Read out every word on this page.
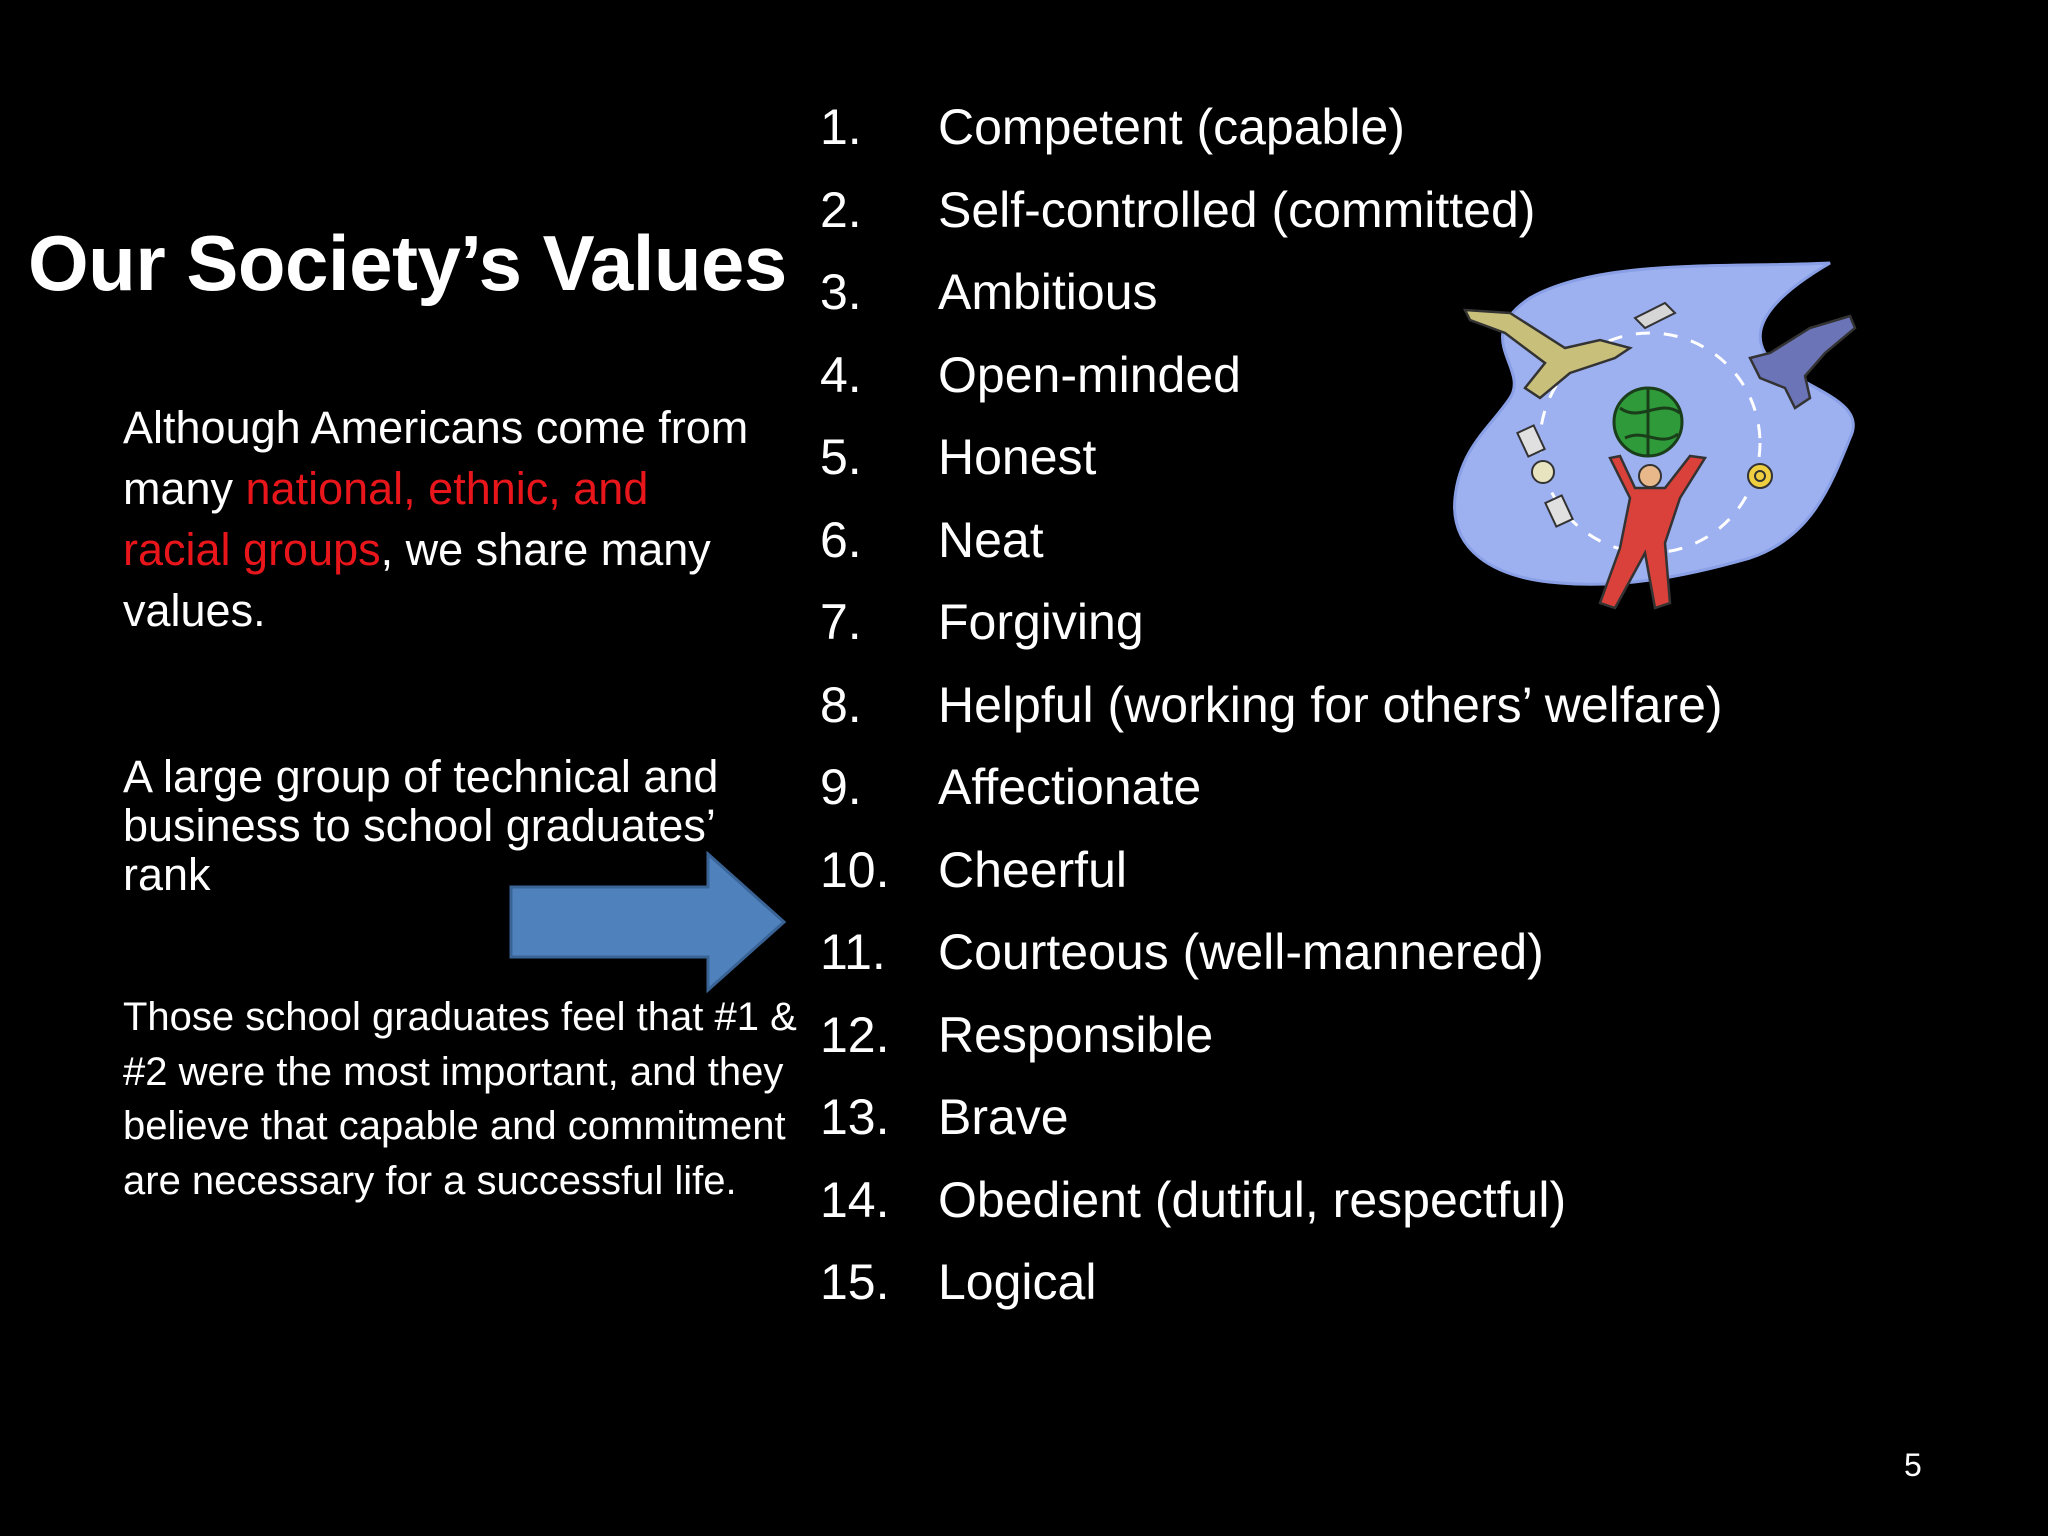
Our Society’s Values
Although Americans come from many national, ethnic, and racial groups, we share many values.
A large group of technical and business to school graduates’ rank
Those school graduates feel that #1 & #2 were the most important, and they believe that capable and commitment are necessary for a successful life.
1.	Competent (capable)
2.	Self-controlled (committed)
3.	Ambitious
4.	Open-minded
5.	Honest
6.	Neat
7.	Forgiving
8.	Helpful (working for others’ welfare)
9.	Affectionate
10. Cheerful
11.	Courteous (well-mannered)
12. Responsible
13. Brave
14. Obedient (dutiful, respectful)
15. Logical
5
